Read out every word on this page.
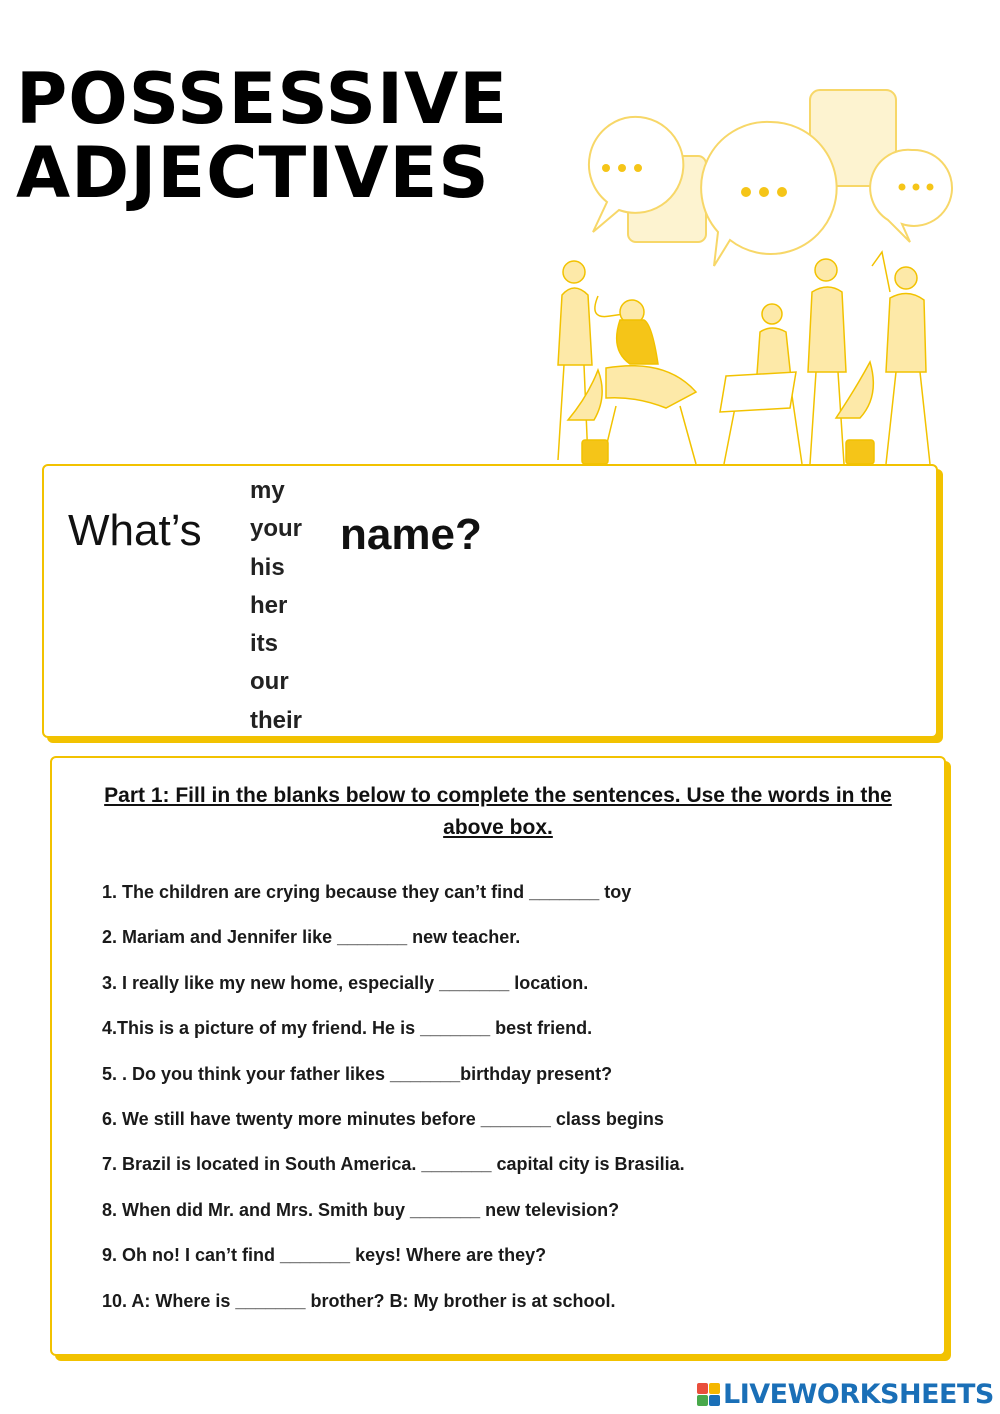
POSSESSIVE
ADJECTIVES
What’s
my
your
his
her
its
our
their
name?

Part 1: Fill in the blanks below to complete the sentences. Use the words in the above box.

1. The children are crying because they can’t find _______ toy
2. Mariam and Jennifer like _______ new teacher.
3. I really like my new home, especially _______ location.
4.This is a picture of my friend. He is _______ best friend.
5. . Do you think your father likes _______birthday present?
6. We still have twenty more minutes before _______ class begins
7. Brazil is located in South America. _______ capital city is Brasilia.
8. When did Mr. and Mrs. Smith buy _______ new television?
9. Oh no! I can’t find _______ keys! Where are they?
10. A: Where is _______ brother? B: My brother is at school.
LIVEWORKSHEETS
